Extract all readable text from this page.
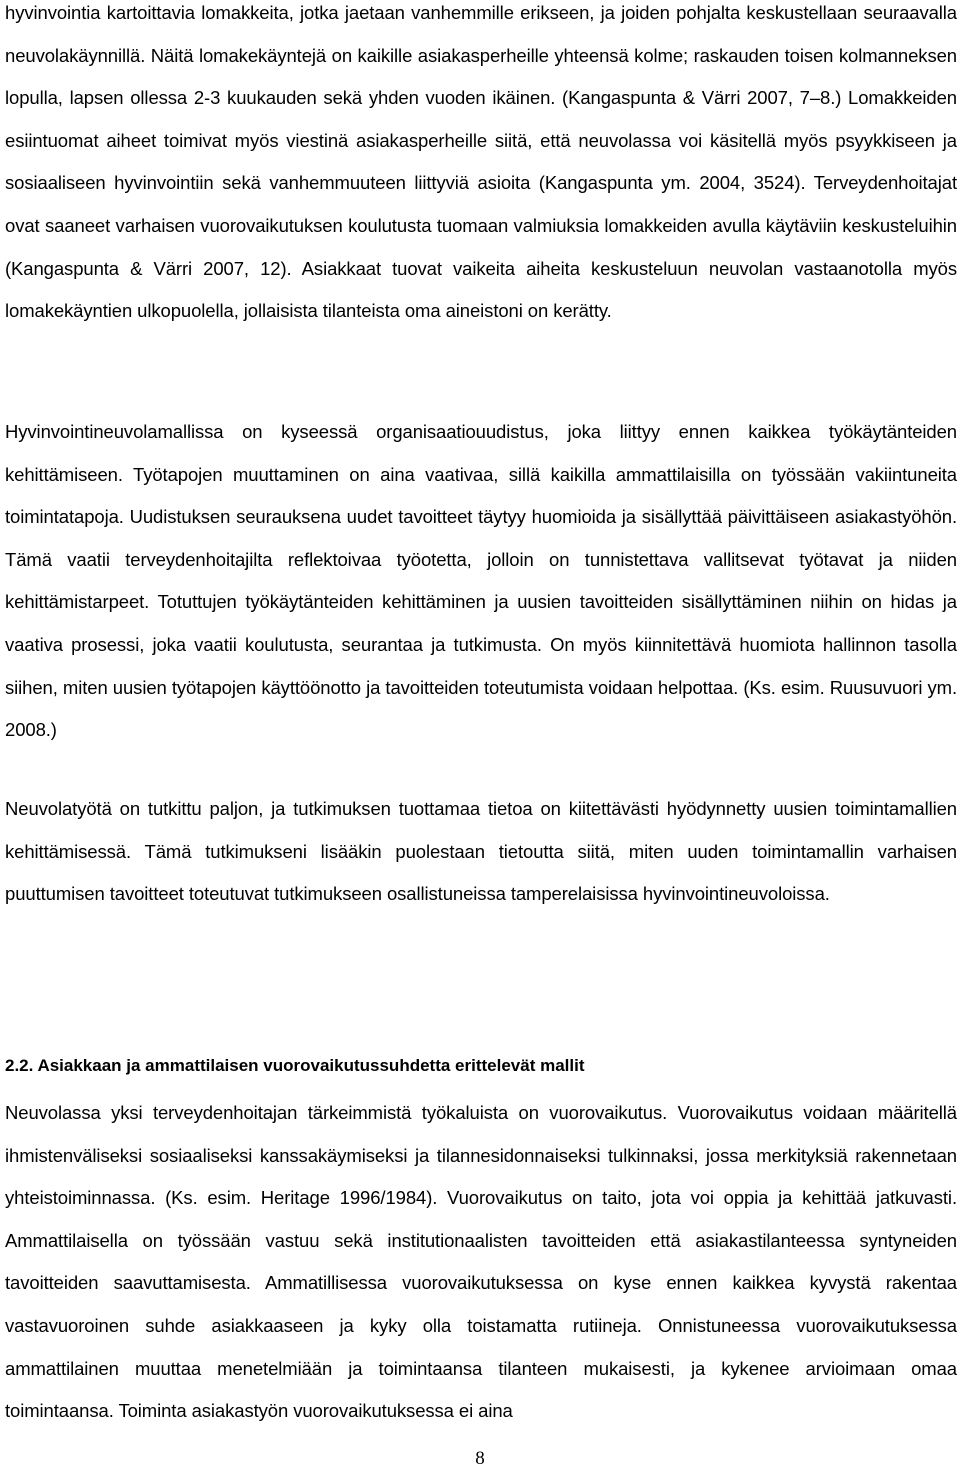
hyvinvointia kartoittavia lomakkeita, jotka jaetaan vanhemmille erikseen, ja joiden pohjalta keskustellaan seuraavalla neuvolakäynnillä. Näitä lomakekäyntejä on kaikille asiakasperheille yhteensä kolme; raskauden toisen kolmanneksen lopulla, lapsen ollessa 2-3 kuukauden sekä yhden vuoden ikäinen. (Kangaspunta & Värri 2007, 7–8.) Lomakkeiden esiintuomat aiheet toimivat myös viestinä asiakasperheille siitä, että neuvolassa voi käsitellä myös psyykkiseen ja sosiaaliseen hyvinvointiin sekä vanhemmuuteen liittyviä asioita (Kangaspunta ym. 2004, 3524). Terveydenhoitajat ovat saaneet varhaisen vuorovaikutuksen koulutusta tuomaan valmiuksia lomakkeiden avulla käytäviin keskusteluihin (Kangaspunta & Värri 2007, 12). Asiakkaat tuovat vaikeita aiheita keskusteluun neuvolan vastaanotolla myös lomakekäyntien ulkopuolella, jollaisista tilanteista oma aineistoni on kerätty.

Hyvinvointineuvolamallissa on kyseessä organisaatiouudistus, joka liittyy ennen kaikkea työkäytänteiden kehittämiseen. Työtapojen muuttaminen on aina vaativaa, sillä kaikilla ammattilaisilla on työssään vakiintuneita toimintatapoja. Uudistuksen seurauksena uudet tavoitteet täytyy huomioida ja sisällyttää päivittäiseen asiakastyöhön. Tämä vaatii terveydenhoitajilta reflektoivaa työotetta, jolloin on tunnistettava vallitsevat työtavat ja niiden kehittämistarpeet. Totuttujen työkäytänteiden kehittäminen ja uusien tavoitteiden sisällyttäminen niihin on hidas ja vaativa prosessi, joka vaatii koulutusta, seurantaa ja tutkimusta. On myös kiinnitettävä huomiota hallinnon tasolla siihen, miten uusien työtapojen käyttöönotto ja tavoitteiden toteutumista voidaan helpottaa. (Ks. esim. Ruusuvuori ym. 2008.)

Neuvolatyötä on tutkittu paljon, ja tutkimuksen tuottamaa tietoa on kiitettävästi hyödynnetty uusien toimintamallien kehittämisessä. Tämä tutkimukseni lisääkin puolestaan tietoutta siitä, miten uuden toimintamallin varhaisen puuttumisen tavoitteet toteutuvat tutkimukseen osallistuneissa tamperelaisissa hyvinvointineuvoloissa.

2.2. Asiakkaan ja ammattilaisen vuorovaikutussuhdetta erittelevät mallit

Neuvolassa yksi terveydenhoitajan tärkeimmistä työkaluista on vuorovaikutus. Vuorovaikutus voidaan määritellä ihmistenväliseksi sosiaaliseksi kanssakäymiseksi ja tilannesidonnaiseksi tulkinnaksi, jossa merkityksiä rakennetaan yhteistoiminnassa. (Ks. esim. Heritage 1996/1984). Vuorovaikutus on taito, jota voi oppia ja kehittää jatkuvasti. Ammattilaisella on työssään vastuu sekä institutionaalisten tavoitteiden että asiakastilanteessa syntyneiden tavoitteiden saavuttamisesta. Ammatillisessa vuorovaikutuksessa on kyse ennen kaikkea kyvystä rakentaa vastavuoroinen suhde asiakkaaseen ja kyky olla toistamatta rutiineja. Onnistuneessa vuorovaikutuksessa ammattilainen muuttaa menetelmiään ja toimintaansa tilanteen mukaisesti, ja kykenee arvioimaan omaa toimintaansa. Toiminta asiakastyön vuorovaikutuksessa ei aina

8
